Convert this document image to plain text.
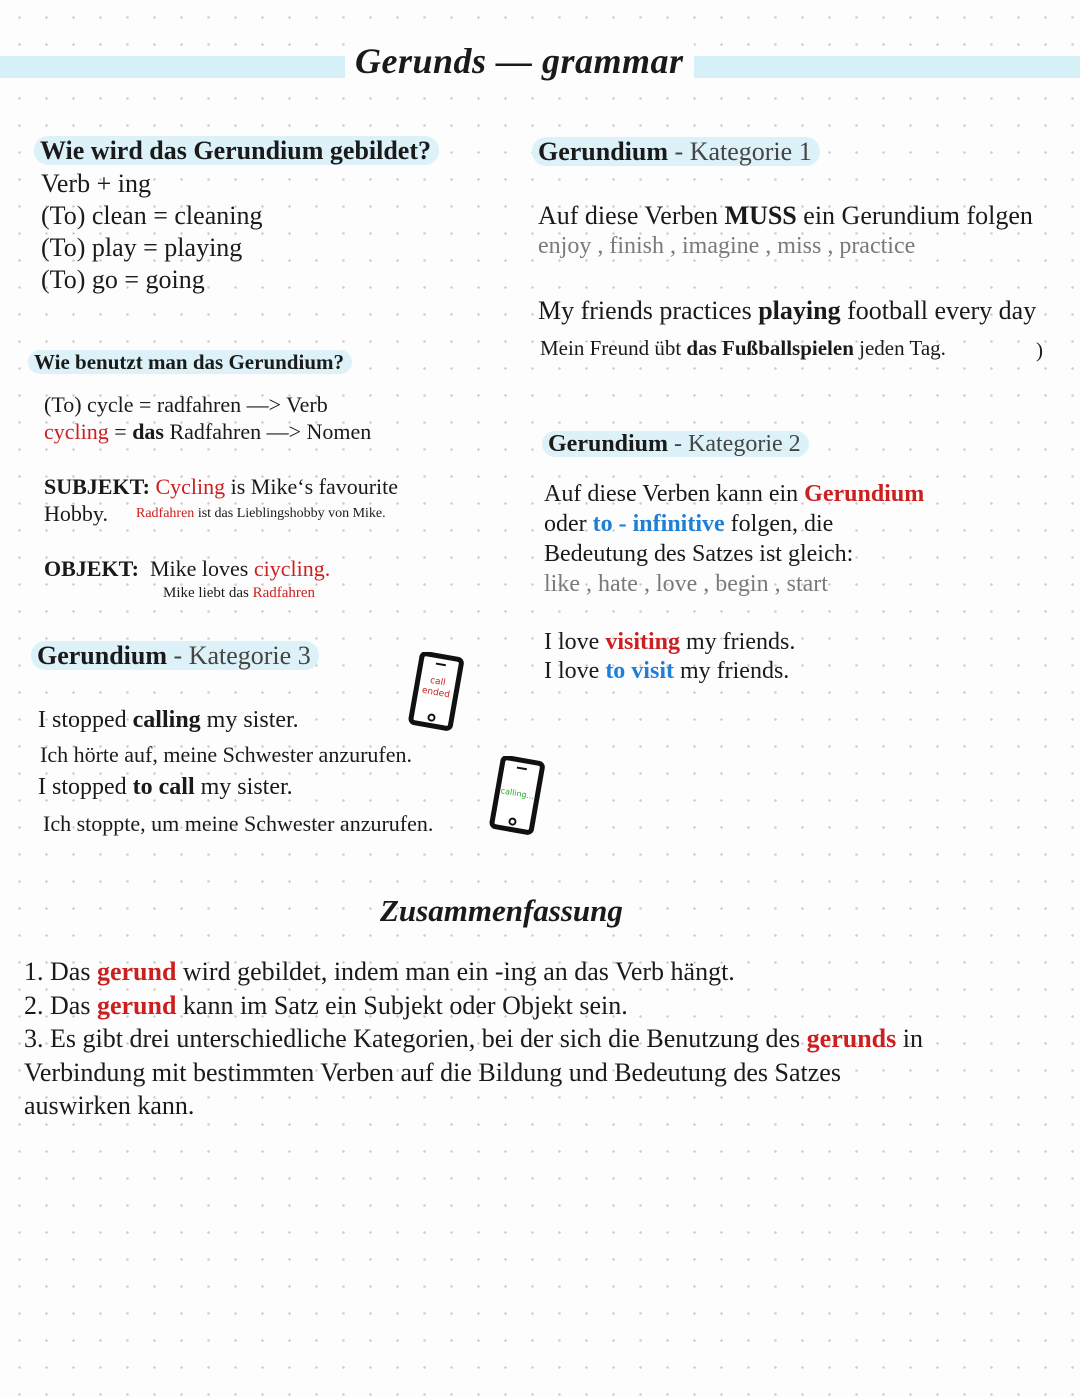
Gerunds — grammar
Wie wird das Gerundium gebildet?
Verb + ing
(To) clean = cleaning
(To) play = playing
(To) go = going
Wie benutzt man das Gerundium?
(To) cycle = radfahren —> Verb
cycling = das Radfahren —> Nomen
SUBJEKT: Cycling is Mike‘s favourite
Hobby. Radfahren ist das Lieblingshobby von Mike.
OBJEKT: Mike loves ciycling.
Mike liebt das Radfahren
Gerundium - Kategorie 3
I stopped calling my sister.
Ich hörte auf, meine Schwester anzurufen.
I stopped to call my sister.
Ich stoppte, um meine Schwester anzurufen.
call
ended
calling...
Gerundium - Kategorie 1
Auf diese Verben MUSS ein Gerundium folgen
enjoy , finish , imagine , miss , practice
My friends practices playing football every day
Mein Freund übt das Fußballspielen jeden Tag.	)
Gerundium - Kategorie 2
Auf diese Verben kann ein Gerundium
oder to - infinitive folgen, die
Bedeutung des Satzes ist gleich:
like , hate , love , begin , start
I love visiting my friends.
I love to visit my friends.
Zusammenfassung
1. Das gerund wird gebildet, indem man ein -ing an das Verb hängt.
2. Das gerund kann im Satz ein Subjekt oder Objekt sein.
3. Es gibt drei unterschiedliche Kategorien, bei der sich die Benutzung des gerunds in
Verbindung mit bestimmten Verben auf die Bildung und Bedeutung des Satzes
auswirken kann.
